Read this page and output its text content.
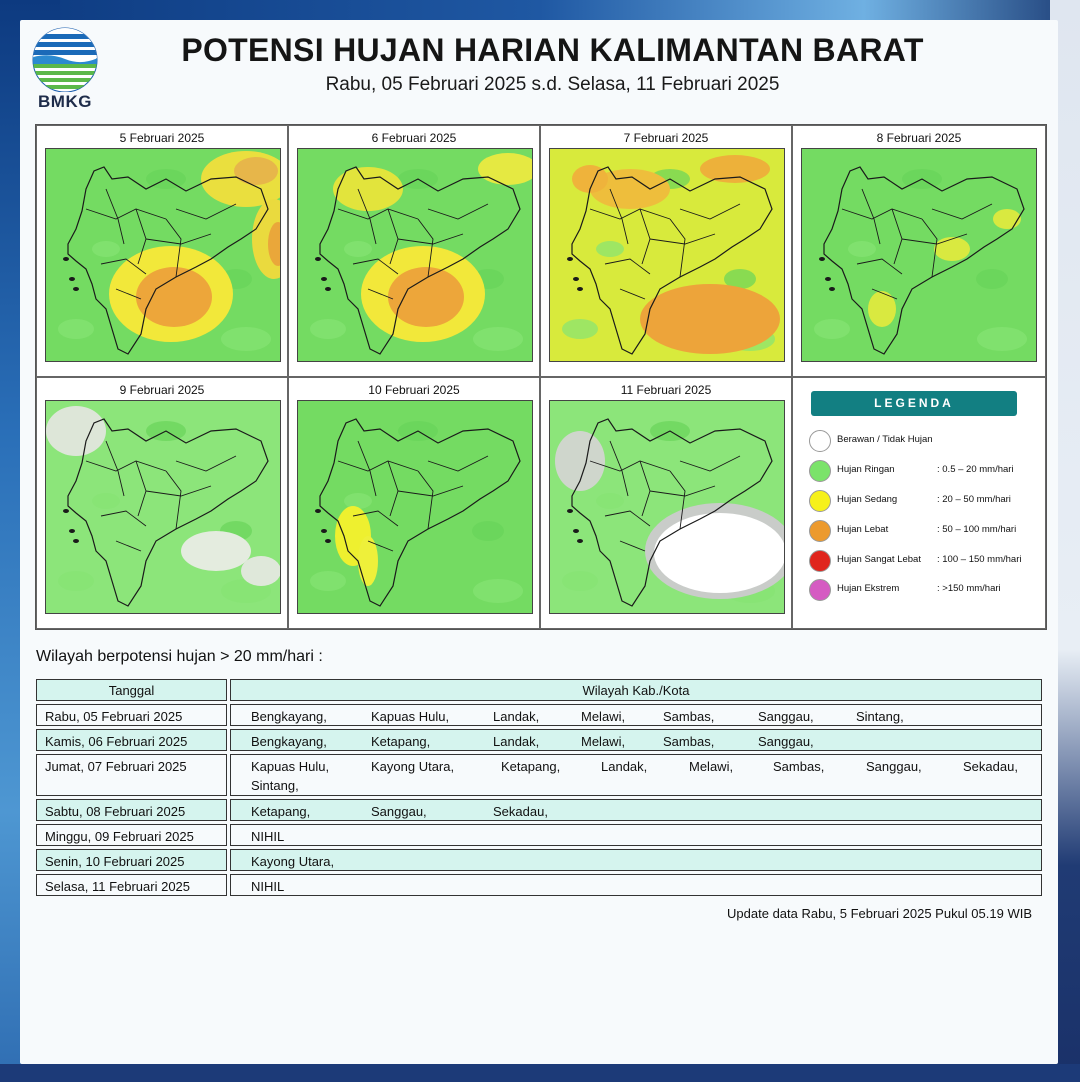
BMKG
POTENSI HUJAN HARIAN KALIMANTAN BARAT
Rabu, 05 Februari 2025 s.d. Selasa, 11 Februari 2025
5 Februari 2025	6 Februari 2025	7 Februari 2025	8 Februari 2025
9 Februari 2025	10 Februari 2025	11 Februari 2025
LEGENDA
Berawan / Tidak Hujan
Hujan Ringan	: 0.5 – 20 mm/hari
Hujan Sedang	: 20 – 50 mm/hari
Hujan Lebat	: 50 – 100 mm/hari
Hujan Sangat Lebat : 100 – 150 mm/hari
Hujan Ekstrem	: >150 mm/hari
Wilayah berpotensi hujan > 20 mm/hari :
Tanggal	Wilayah Kab./Kota
Rabu, 05 Februari 2025	Bengkayang,	Kapuas Hulu,	Landak,	Melawi,	Sambas,	Sanggau,	Sintang,
Kamis, 06 Februari 2025	Bengkayang,	Ketapang,	Landak,	Melawi,	Sambas,	Sanggau,
Jumat, 07 Februari 2025	Kapuas Hulu,	Kayong Utara,	Ketapang,	Landak,	Melawi,	Sambas,	Sanggau,	Sekadau,
Sintang,
Sabtu, 08 Februari 2025	Ketapang,	Sanggau,	Sekadau,
Minggu, 09 Februari 2025	NIHIL
Senin, 10 Februari 2025	Kayong Utara,
Selasa, 11 Februari 2025	NIHIL
Update data Rabu, 5 Februari 2025 Pukul 05.19 WIB
